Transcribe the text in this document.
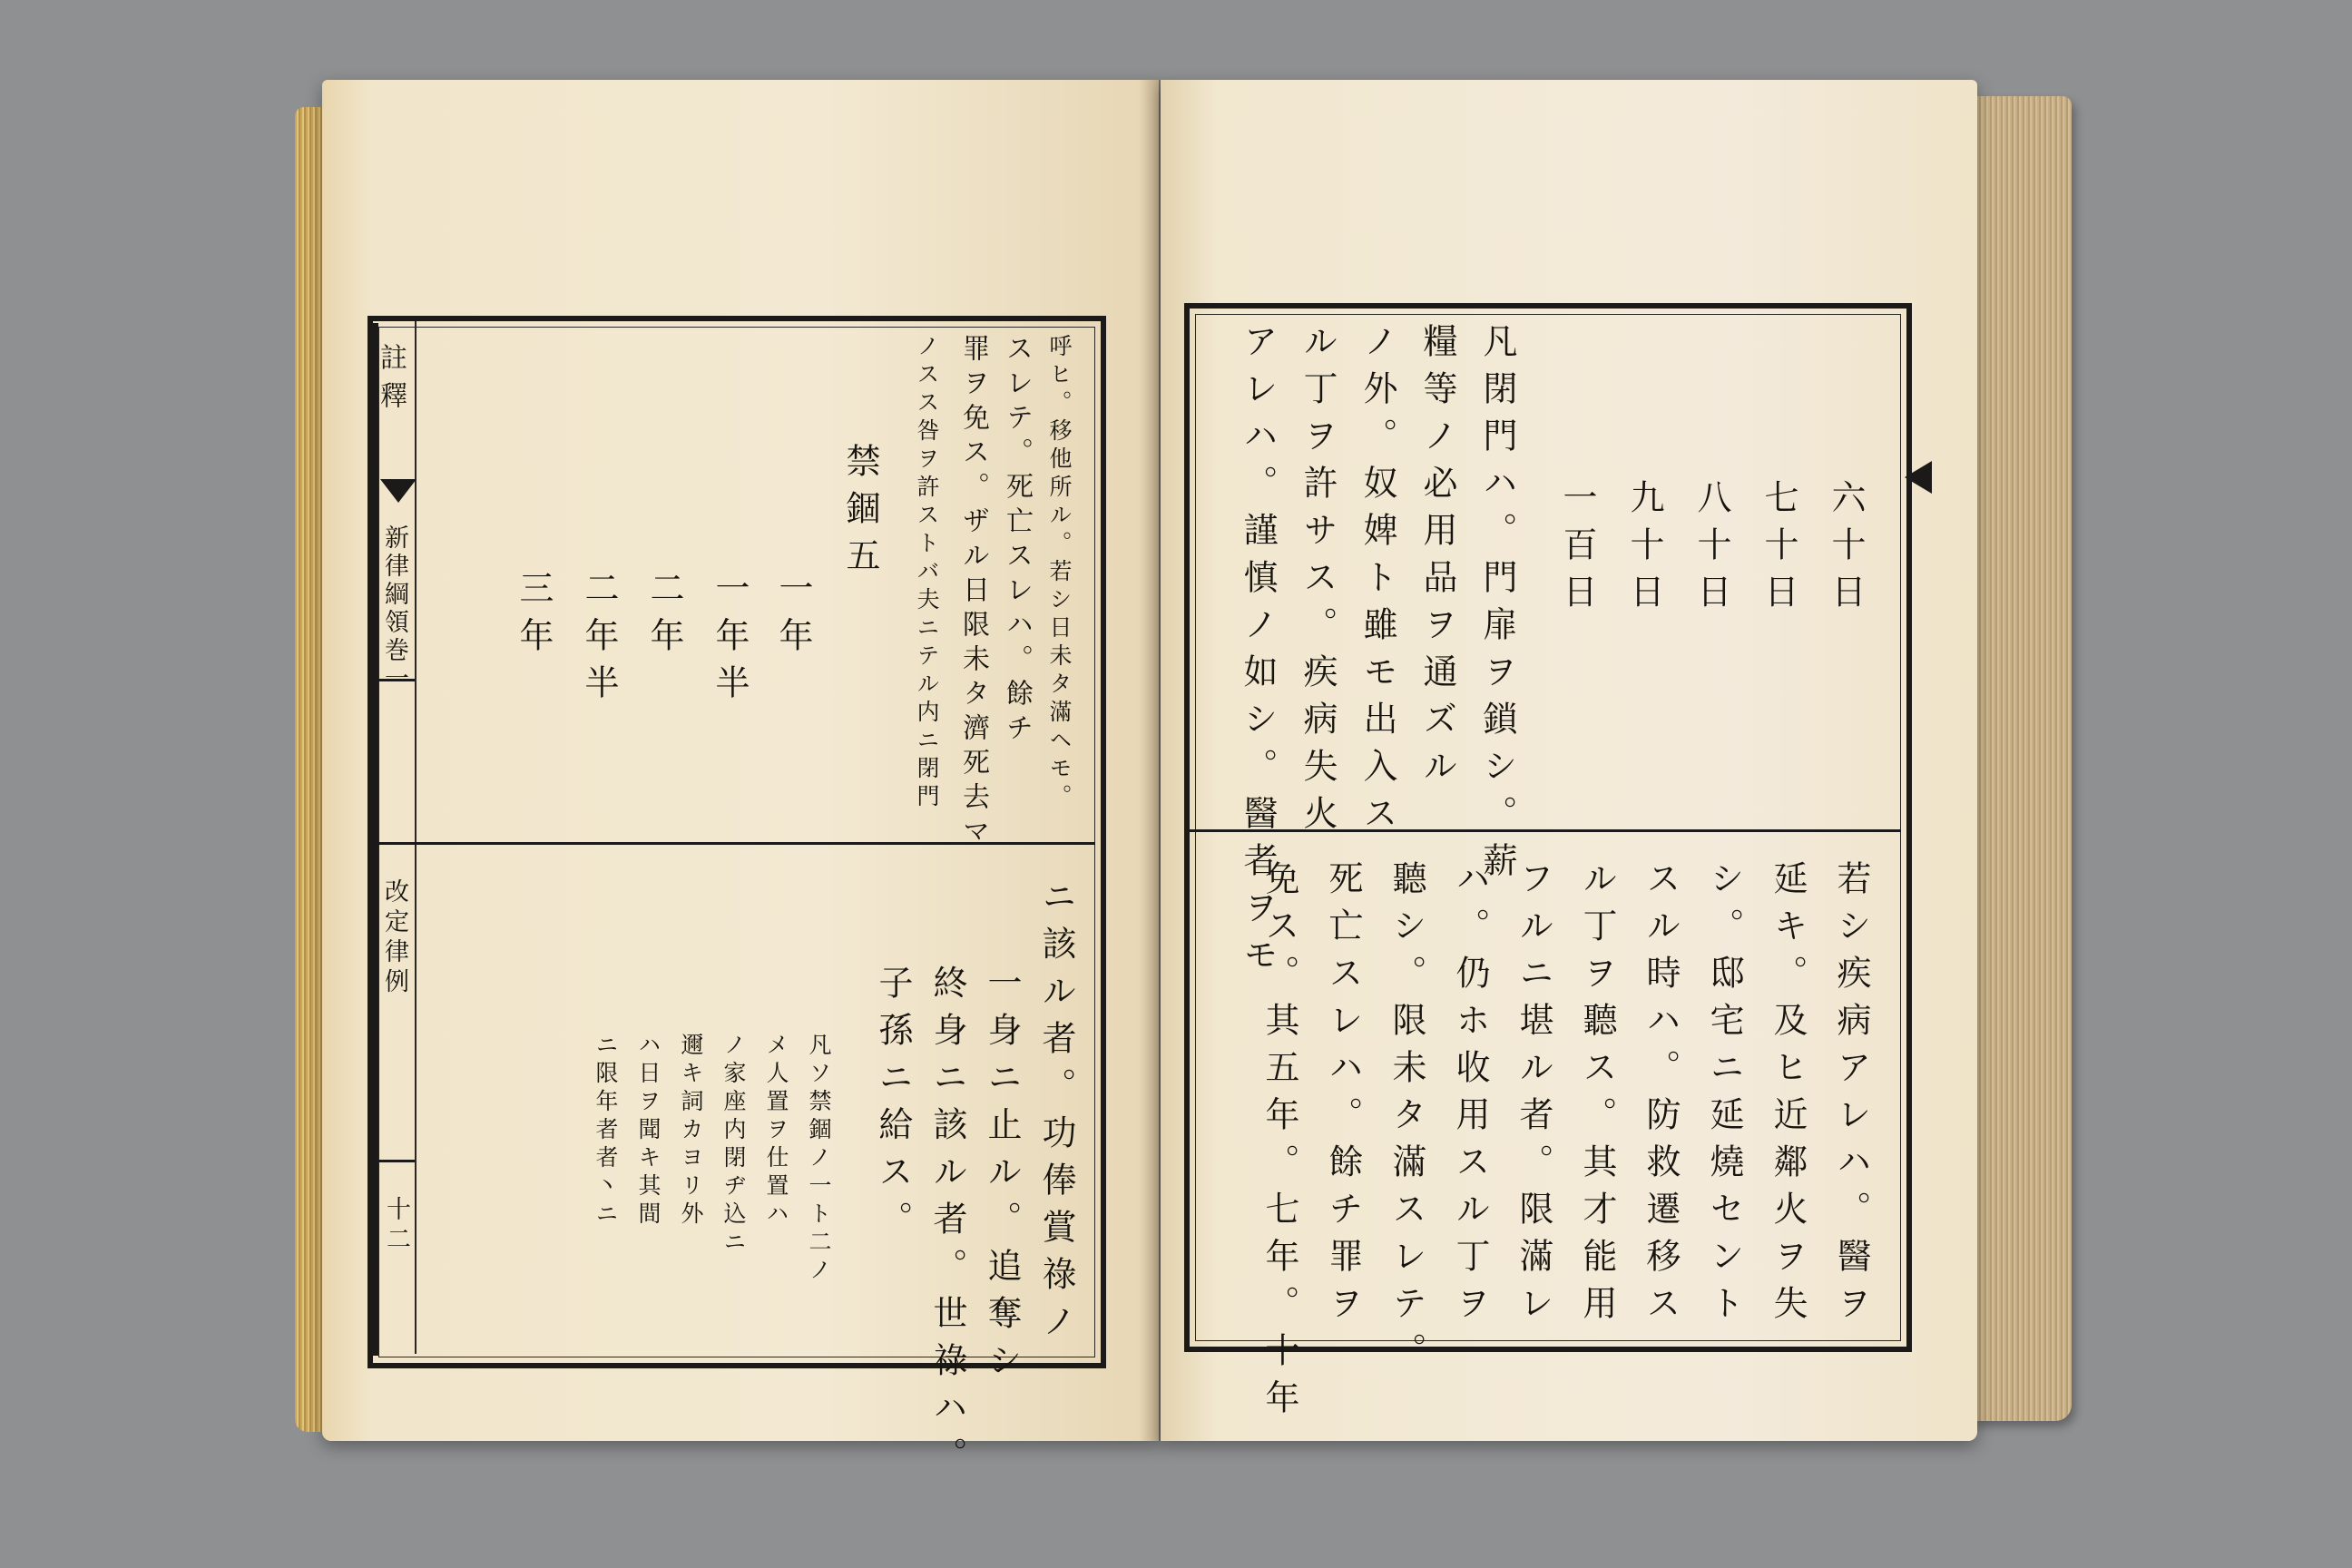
註釋
新律綱領巻一
改定律例
十二
呼ヒ。移他所ル。若シ日未タ滿ヘモ。
スレテ。死亡スレハ。餘チ
罪ヲ免ス。ザル日限未タ濟死去マ
ノスス咎ヲ許ストバ夫ニテル内ニ閉門
禁錮五
一年
一年半
二年
二年半
三年
ニ該ル者。功俸賞祿ノ
一身ニ止ル。追奪シ
終身ニ該ル者。世祿ハ。
子孫ニ給ス。
凡ソ禁錮ノ一ト二ノ
メ人置ヲ仕置ハ
ノ家座内閉ヂ込ニ
邇キ詞カヨリ外
ハ日ヲ聞キ其間
ニ限年者者丶ニ
六十日
七十日
八十日
九十日
一百日
凡閉門ハ。門扉ヲ鎖シ。薪
糧等ノ必用品ヲ通ズル
ノ外。奴婢ト雖モ出入ス
ル丁ヲ許サス。疾病失火
アレハ。謹慎ノ如シ。醫者ヲモ
若シ疾病アレハ。醫ヲ
延キ。及ヒ近鄰火ヲ失
シ。邸宅ニ延燒セント
スル時ハ。防救遷移ス
ル丁ヲ聽ス。其才能用
フルニ堪ル者。限滿レ
ハ。仍ホ收用スル丁ヲ
聽シ。限未タ滿スレテ。
死亡スレハ。餘チ罪ヲ
免ス。其五年。七年。十年
